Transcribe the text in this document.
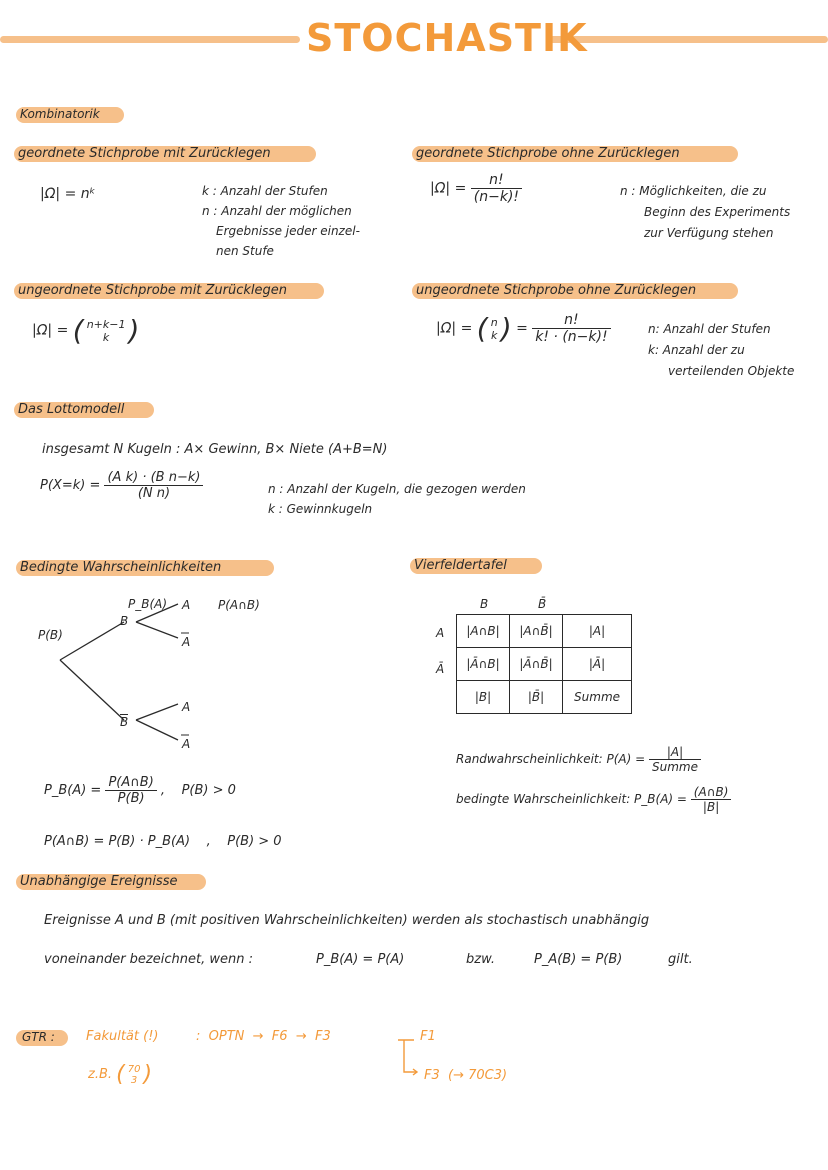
STOCHASTIK
Kombinatorik
geordnete Stichprobe mit Zurücklegen
|Ω| = nᵏ	k : Anzahl der Stufen
n : Anzahl der möglichen
Ergebnisse jeder einzel-
nen Stufe
geordnete Stichprobe ohne Zurücklegen
$|\Omega| = \frac{n!}{(n-k)!}$	n : Möglichkeiten, die zu
Beginn des Experiments
zur Verfügung stehen
ungeordnete Stichprobe mit Zurücklegen
|Ω| = ( n+k−1
k )
ungeordnete Stichprobe ohne Zurücklegen
|Ω| = ( n
k ) = $\frac{n!}{k! \cdot (n-k)!}$	n: Anzahl der Stufen
k: Anzahl der zu
verteilenden Objekte
Das Lottomodell
insgesamt N Kugeln : A× Gewinn, B× Niete (A+B=N)
$P(X=k) = \frac{\text{(A k) · (B n−k)}}{\text{(N n)}}$	n : Anzahl der Kugeln, die gezogen werden
k : Gewinnkugeln
Bedingte Wahrscheinlichkeiten
P(B)
B
B
P_B(A) A P(A∩B)
A
A
A
P_B(A) = $\frac{P(A\cap B)}{P(B)}$ ,    P(B) > 0
P(A∩B) = P(B) · P_B(A)    ,    P(B) > 0
Vierfeldertafel
B	B̄
A
Ā
|A∩B|	|A∩B̄|	|A|
|Ā∩B|	|Ā∩B̄|	|Ā|
|B|	|B̄|	Summe
Randwahrscheinlichkeit: $P(A) = \frac{|A|}{\text{Summe}}$
bedingte Wahrscheinlichkeit: P_B(A) = $\frac{(A\cap B)}{|B|}$
Unabhängige Ereignisse
Ereignisse A und B (mit positiven Wahrscheinlichkeiten) werden als stochastisch unabhängig
voneinander bezeichnet, wenn :	P_B(A) = P(A)	bzw.	P_A(B) = P(B)	gilt.
GTR : Fakultät (!)	:  OPTN  →  F6  →  F3	F1
F3  (→ 70C3)
z.B. ( 70
3 )
